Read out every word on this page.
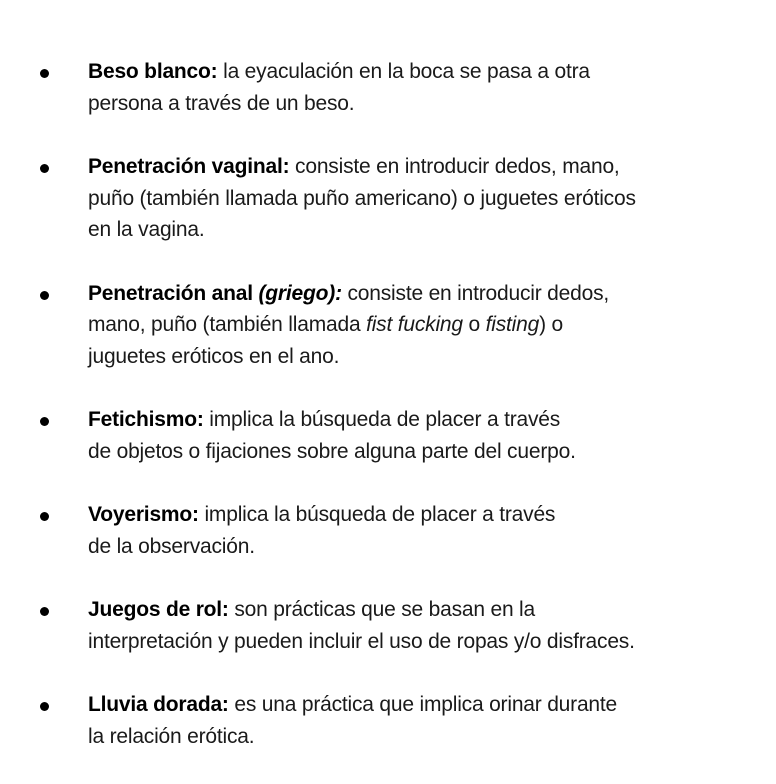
Beso blanco: la eyaculación en la boca se pasa a otra
persona a través de un beso.
Penetración vaginal: consiste en introducir dedos, mano,
puño (también llamada puño americano) o juguetes eróticos
en la vagina.
Penetración anal (griego): consiste en introducir dedos,
mano, puño (también llamada fist fucking o fisting) o
juguetes eróticos en el ano.
Fetichismo: implica la búsqueda de placer a través
de objetos o fijaciones sobre alguna parte del cuerpo.
Voyerismo: implica la búsqueda de placer a través
de la observación.
Juegos de rol: son prácticas que se basan en la
interpretación y pueden incluir el uso de ropas y/o disfraces.
Lluvia dorada: es una práctica que implica orinar durante
la relación erótica.
